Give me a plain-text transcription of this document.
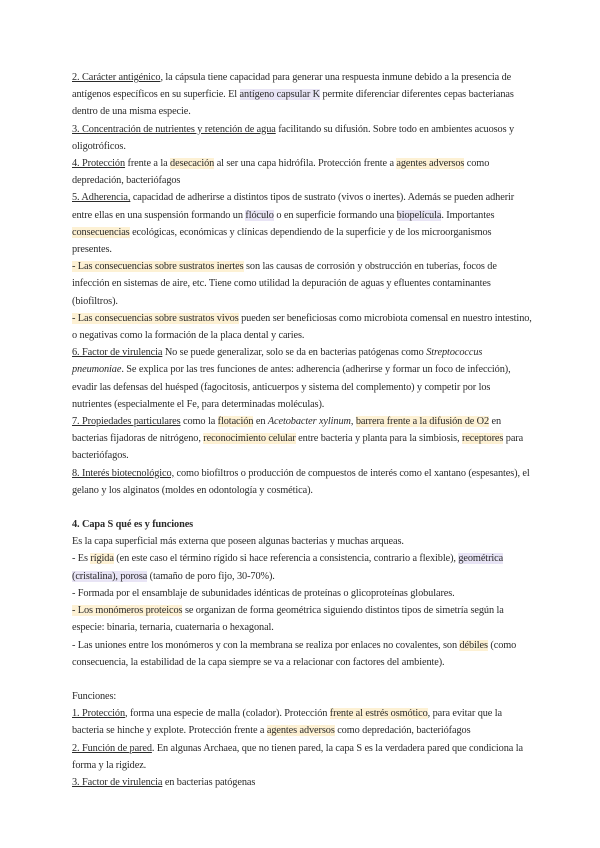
2. Carácter antigénico, la cápsula tiene capacidad para generar una respuesta inmune debido a la presencia de antígenos específicos en su superficie. El antígeno capsular K permite diferenciar diferentes cepas bacterianas dentro de una misma especie.

3. Concentración de nutrientes y retención de agua facilitando su difusión. Sobre todo en ambientes acuosos y oligotróficos.

4. Protección frente a la desecación al ser una capa hidrófila. Protección frente a agentes adversos como depredación, bacteriófagos

5. Adherencia, capacidad de adherirse a distintos tipos de sustrato (vivos o inertes). Además se pueden adherir entre ellas en una suspensión formando un flóculo o en superficie formando una biopelícula. Importantes consecuencias ecológicas, económicas y clínicas dependiendo de la superficie y de los microorganismos presentes.

- Las consecuencias sobre sustratos inertes son las causas de corrosión y obstrucción en tuberías, focos de infección en sistemas de aire, etc. Tiene como utilidad la depuración de aguas y efluentes contaminantes (biofiltros).

- Las consecuencias sobre sustratos vivos pueden ser beneficiosas como microbiota comensal en nuestro intestino, o negativas como la formación de la placa dental y caries.

6. Factor de virulencia No se puede generalizar, solo se da en bacterias patógenas como Streptococcus pneumoniae. Se explica por las tres funciones de antes: adherencia (adherirse y formar un foco de infección), evadir las defensas del huésped (fagocitosis, anticuerpos y sistema del complemento) y competir por los nutrientes (especialmente el Fe, para determinadas moléculas).

7. Propiedades particulares como la flotación en Acetobacter xylinum, barrera frente a la difusión de O2 en bacterias fijadoras de nitrógeno, reconocimiento celular entre bacteria y planta para la simbiosis, receptores para bacteriófagos.

8. Interés biotecnológico, como biofiltros o producción de compuestos de interés como el xantano (espesantes), el gelano y los alginatos (moldes en odontología y cosmética).

4. Capa S qué es y funciones

Es la capa superficial más externa que poseen algunas bacterias y muchas arqueas.

- Es rígida (en este caso el término rígido si hace referencia a consistencia, contrario a flexible), geométrica (cristalina), porosa (tamaño de poro fijo, 30-70%).

- Formada por el ensamblaje de subunidades idénticas de proteínas o glicoproteínas globulares.

- Los monómeros proteicos se organizan de forma geométrica siguiendo distintos tipos de simetría según la especie: binaria, ternaria, cuaternaria o hexagonal.

- Las uniones entre los monómeros y con la membrana se realiza por enlaces no covalentes, son débiles (como consecuencia, la estabilidad de la capa siempre se va a relacionar con factores del ambiente).

Funciones:

1. Protección, forma una especie de malla (colador). Protección frente al estrés osmótico, para evitar que la bacteria se hinche y explote. Protección frente a agentes adversos como depredación, bacteriófagos

2. Función de pared. En algunas Archaea, que no tienen pared, la capa S es la verdadera pared que condiciona la forma y la rigidez.

3. Factor de virulencia en bacterias patógenas
